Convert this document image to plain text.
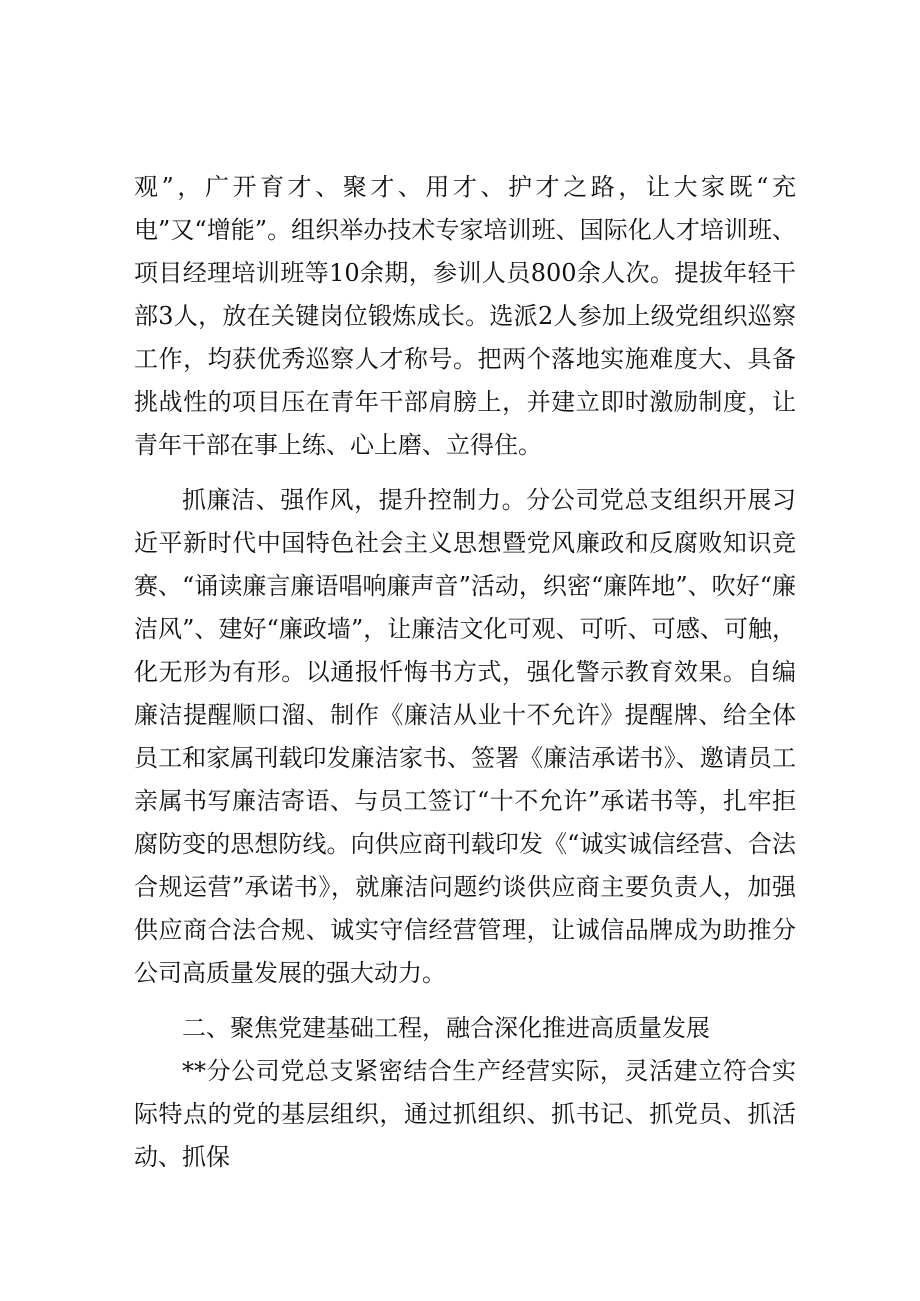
观”，广开育才、聚才、用才、护才之路，让大家既“充电”又“增能”。组织举办技术专家培训班、国际化人才培训班、项目经理培训班等10余期，参训人员800余人次。提拔年轻干部3人，放在关键岗位锻炼成长。选派2人参加上级党组织巡察工作，均获优秀巡察人才称号。把两个落地实施难度大、具备挑战性的项目压在青年干部肩膀上，并建立即时激励制度，让青年干部在事上练、心上磨、立得住。

抓廉洁、强作风，提升控制力。分公司党总支组织开展习近平新时代中国特色社会主义思想暨党风廉政和反腐败知识竞赛、“诵读廉言廉语唱响廉声音”活动，织密“廉阵地”、吹好“廉洁风”、建好“廉政墙”，让廉洁文化可观、可听、可感、可触，化无形为有形。以通报忏悔书方式，强化警示教育效果。自编廉洁提醒顺口溜、制作《廉洁从业十不允许》提醒牌、给全体员工和家属刊载印发廉洁家书、签署《廉洁承诺书》、邀请员工亲属书写廉洁寄语、与员工签订“十不允许”承诺书等，扎牢拒腐防变的思想防线。向供应商刊载印发《“诚实诚信经营、合法合规运营”承诺书》，就廉洁问题约谈供应商主要负责人，加强供应商合法合规、诚实守信经营管理，让诚信品牌成为助推分公司高质量发展的强大动力。

二、聚焦党建基础工程，融合深化推进高质量发展

**分公司党总支紧密结合生产经营实际，灵活建立符合实际特点的党的基层组织，通过抓组织、抓书记、抓党员、抓活动、抓保
